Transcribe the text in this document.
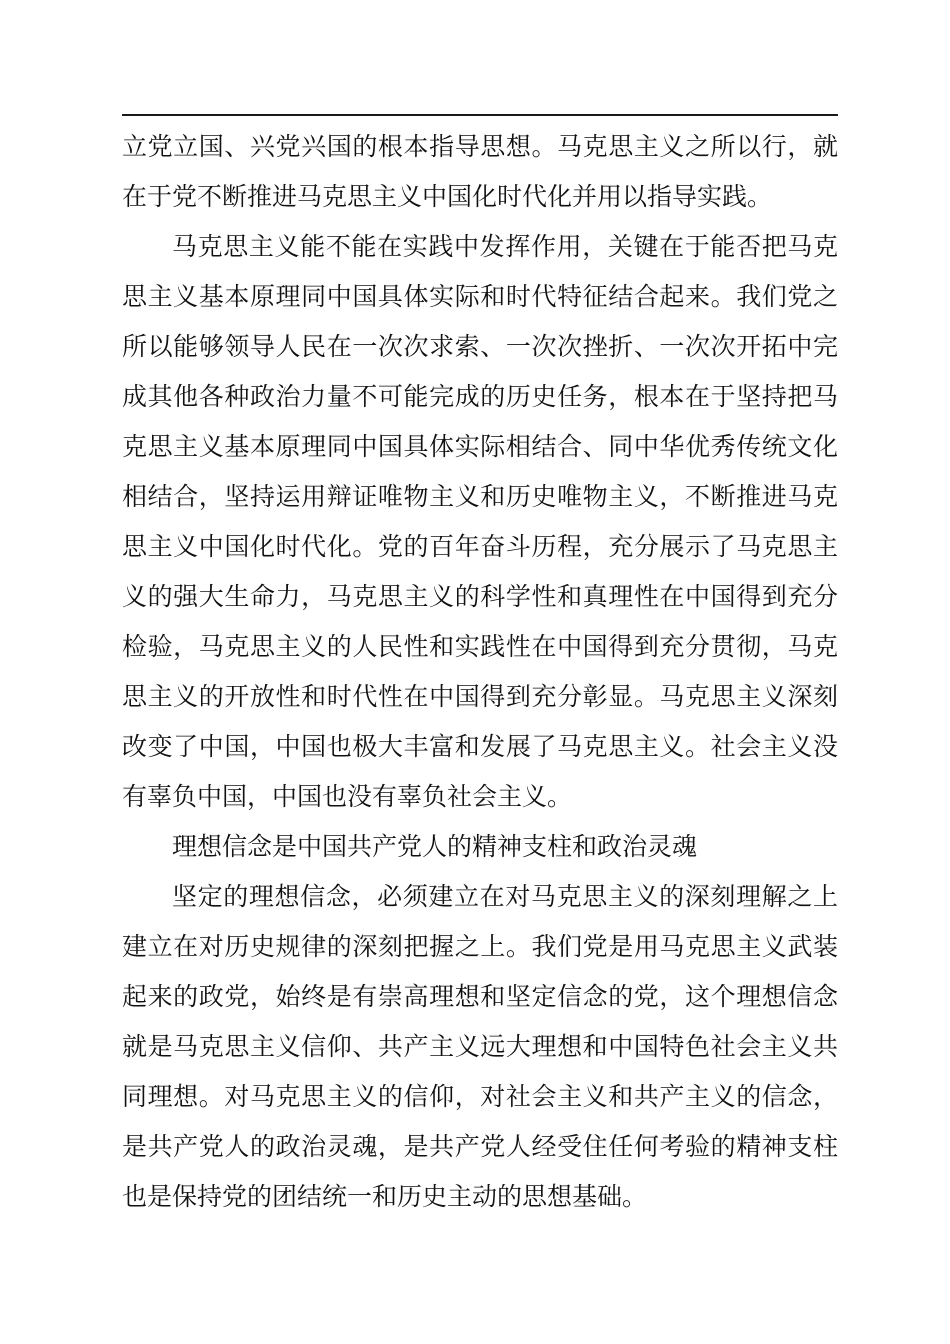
立党立国、兴党兴国的根本指导思想。马克思主义之所以行，就
在于党不断推进马克思主义中国化时代化并用以指导实践。
马克思主义能不能在实践中发挥作用，关键在于能否把马克
思主义基本原理同中国具体实际和时代特征结合起来。我们党之
所以能够领导人民在一次次求索、一次次挫折、一次次开拓中完
成其他各种政治力量不可能完成的历史任务，根本在于坚持把马
克思主义基本原理同中国具体实际相结合、同中华优秀传统文化
相结合，坚持运用辩证唯物主义和历史唯物主义，不断推进马克
思主义中国化时代化。党的百年奋斗历程，充分展示了马克思主
义的强大生命力，马克思主义的科学性和真理性在中国得到充分
检验，马克思主义的人民性和实践性在中国得到充分贯彻，马克
思主义的开放性和时代性在中国得到充分彰显。马克思主义深刻
改变了中国，中国也极大丰富和发展了马克思主义。社会主义没
有辜负中国，中国也没有辜负社会主义。
理想信念是中国共产党人的精神支柱和政治灵魂
坚定的理想信念，必须建立在对马克思主义的深刻理解之上
建立在对历史规律的深刻把握之上。我们党是用马克思主义武装
起来的政党，始终是有崇高理想和坚定信念的党，这个理想信念
就是马克思主义信仰、共产主义远大理想和中国特色社会主义共
同理想。对马克思主义的信仰，对社会主义和共产主义的信念，
是共产党人的政治灵魂，是共产党人经受住任何考验的精神支柱
也是保持党的团结统一和历史主动的思想基础。
